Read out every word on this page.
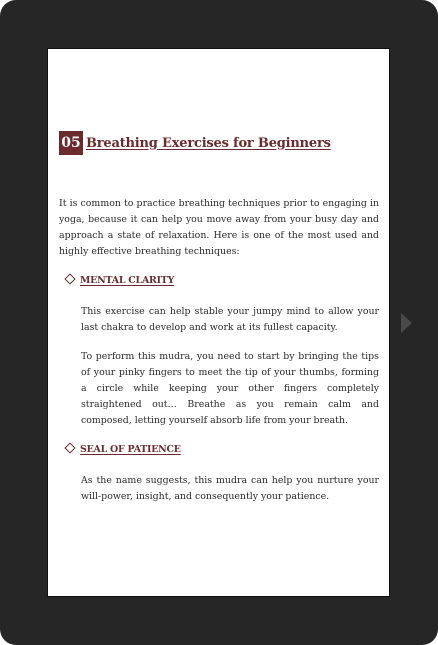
05 Breathing Exercises for Beginners

It is common to practice breathing techniques prior to engaging in yoga, because it can help you move away from your busy day and approach a state of relaxation. Here is one of the most used and highly effective breathing techniques:

MENTAL CLARITY

This exercise can help stable your jumpy mind to allow your last chakra to develop and work at its fullest capacity.

To perform this mudra, you need to start by bringing the tips of your pinky fingers to meet the tip of your thumbs, forming a circle while keeping your other fingers completely straightened out… Breathe as you remain calm and composed, letting yourself absorb life from your breath.

SEAL OF PATIENCE

As the name suggests, this mudra can help you nurture your will-power, insight, and consequently your patience.
